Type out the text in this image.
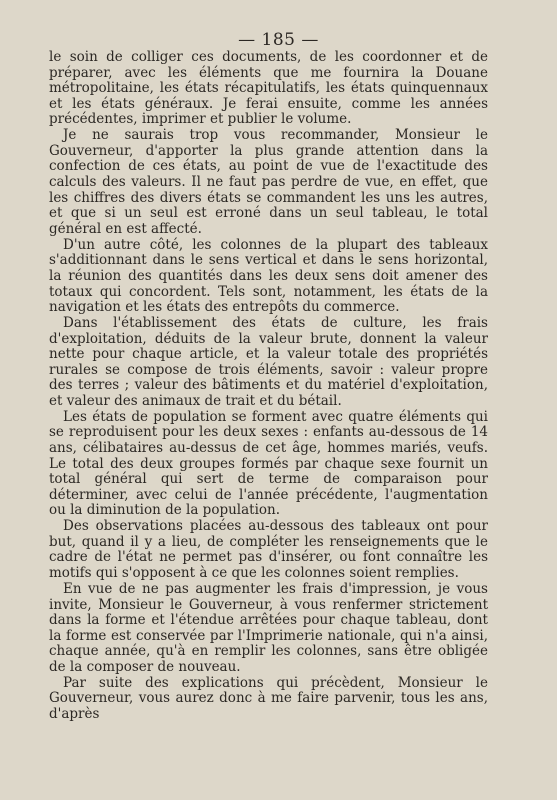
— 185 —

le soin de colliger ces documents, de les coordonner et de préparer, avec les éléments que me fournira la Douane métropolitaine, les états récapitulatifs, les états quinquennaux et les états généraux. Je ferai ensuite, comme les années précédentes, imprimer et publier le volume.

Je ne saurais trop vous recommander, Monsieur le Gouverneur, d'apporter la plus grande attention dans la confection de ces états, au point de vue de l'exactitude des calculs des valeurs. Il ne faut pas perdre de vue, en effet, que les chiffres des divers états se commandent les uns les autres, et que si un seul est erroné dans un seul tableau, le total général en est affecté.

D'un autre côté, les colonnes de la plupart des tableaux s'additionnant dans le sens vertical et dans le sens horizontal, la réunion des quantités dans les deux sens doit amener des totaux qui concordent. Tels sont, notamment, les états de la navigation et les états des entrepôts du commerce.

Dans l'établissement des états de culture, les frais d'exploitation, déduits de la valeur brute, donnent la valeur nette pour chaque article, et la valeur totale des propriétés rurales se compose de trois éléments, savoir : valeur propre des terres ; valeur des bâtiments et du matériel d'exploitation, et valeur des animaux de trait et du bétail.

Les états de population se forment avec quatre éléments qui se reproduisent pour les deux sexes : enfants au-dessous de 14 ans, célibataires au-dessus de cet âge, hommes mariés, veufs. Le total des deux groupes formés par chaque sexe fournit un total général qui sert de terme de comparaison pour déterminer, avec celui de l'année précédente, l'augmentation ou la diminution de la population.

Des observations placées au-dessous des tableaux ont pour but, quand il y a lieu, de compléter les renseignements que le cadre de l'état ne permet pas d'insérer, ou font connaître les motifs qui s'opposent à ce que les colonnes soient remplies.

En vue de ne pas augmenter les frais d'impression, je vous invite, Monsieur le Gouverneur, à vous renfermer strictement dans la forme et l'étendue arrêtées pour chaque tableau, dont la forme est conservée par l'Imprimerie nationale, qui n'a ainsi, chaque année, qu'à en remplir les colonnes, sans être obligée de la composer de nouveau.

Par suite des explications qui précèdent, Monsieur le Gouverneur, vous aurez donc à me faire parvenir, tous les ans, d'après
